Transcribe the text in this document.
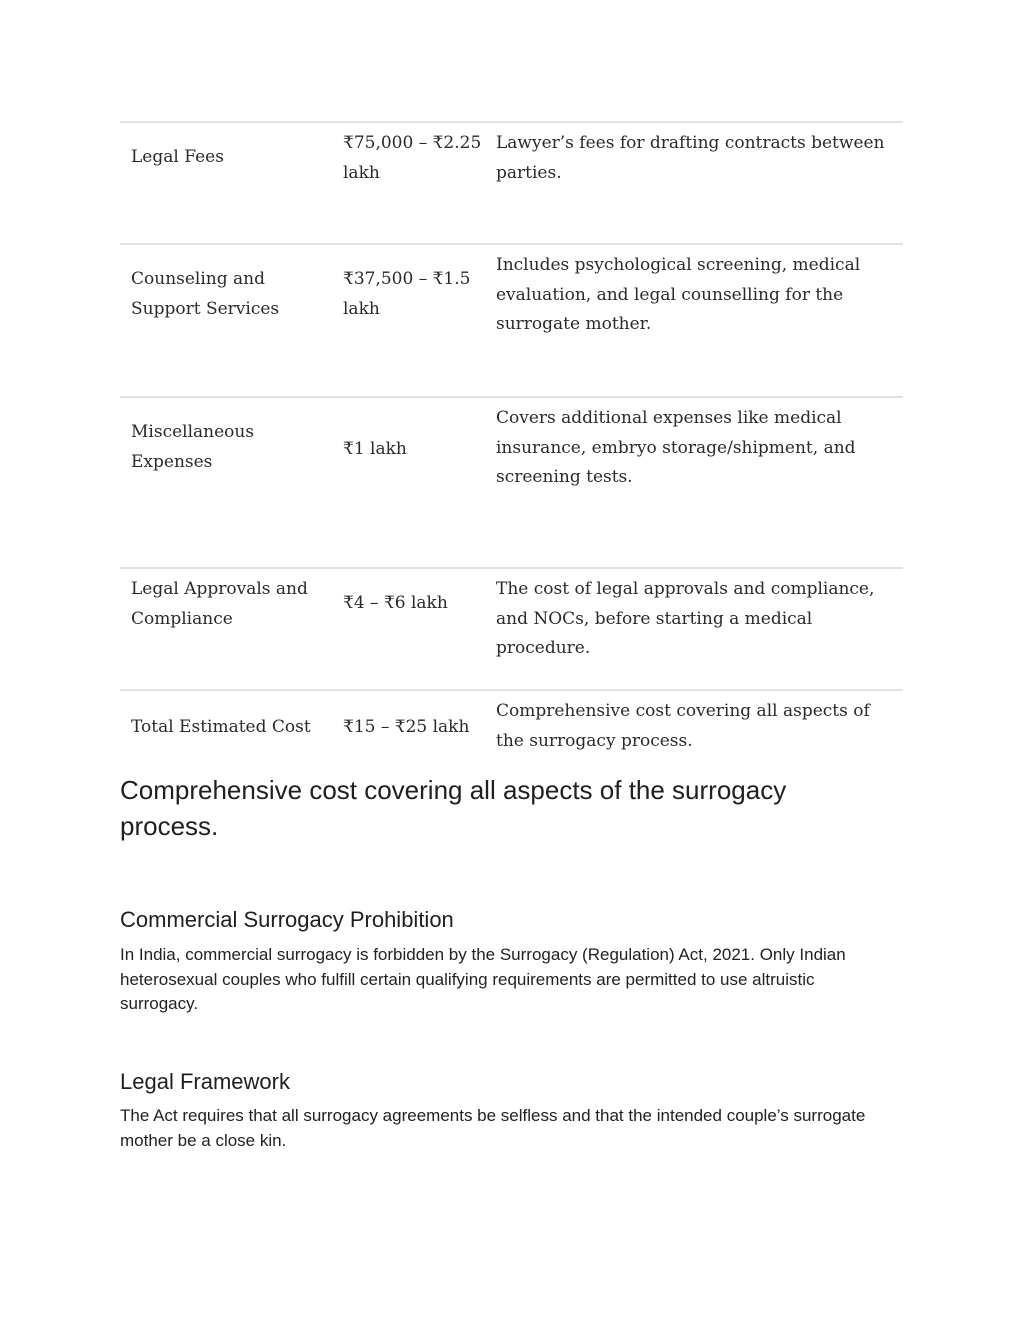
Legal Fees	₹75,000 – ₹2.25 lakh	Lawyer’s fees for drafting contracts between parties.
Counseling and Support Services	₹37,500 – ₹1.5 lakh	Includes psychological screening, medical evaluation, and legal counselling for the surrogate mother.
Miscellaneous Expenses	₹1 lakh	Covers additional expenses like medical insurance, embryo storage/shipment, and screening tests.
Legal Approvals and Compliance	₹4 – ₹6 lakh	The cost of legal approvals and compliance, and NOCs, before starting a medical procedure.
Total Estimated Cost	₹15 – ₹25 lakh	Comprehensive cost covering all aspects of the surrogacy process.
Comprehensive cost covering all aspects of the surrogacy process.
Commercial Surrogacy Prohibition

In India, commercial surrogacy is forbidden by the Surrogacy (Regulation) Act, 2021. Only Indian heterosexual couples who fulfill certain qualifying requirements are permitted to use altruistic surrogacy.

Legal Framework

The Act requires that all surrogacy agreements be selfless and that the intended couple’s surrogate mother be a close kin.
